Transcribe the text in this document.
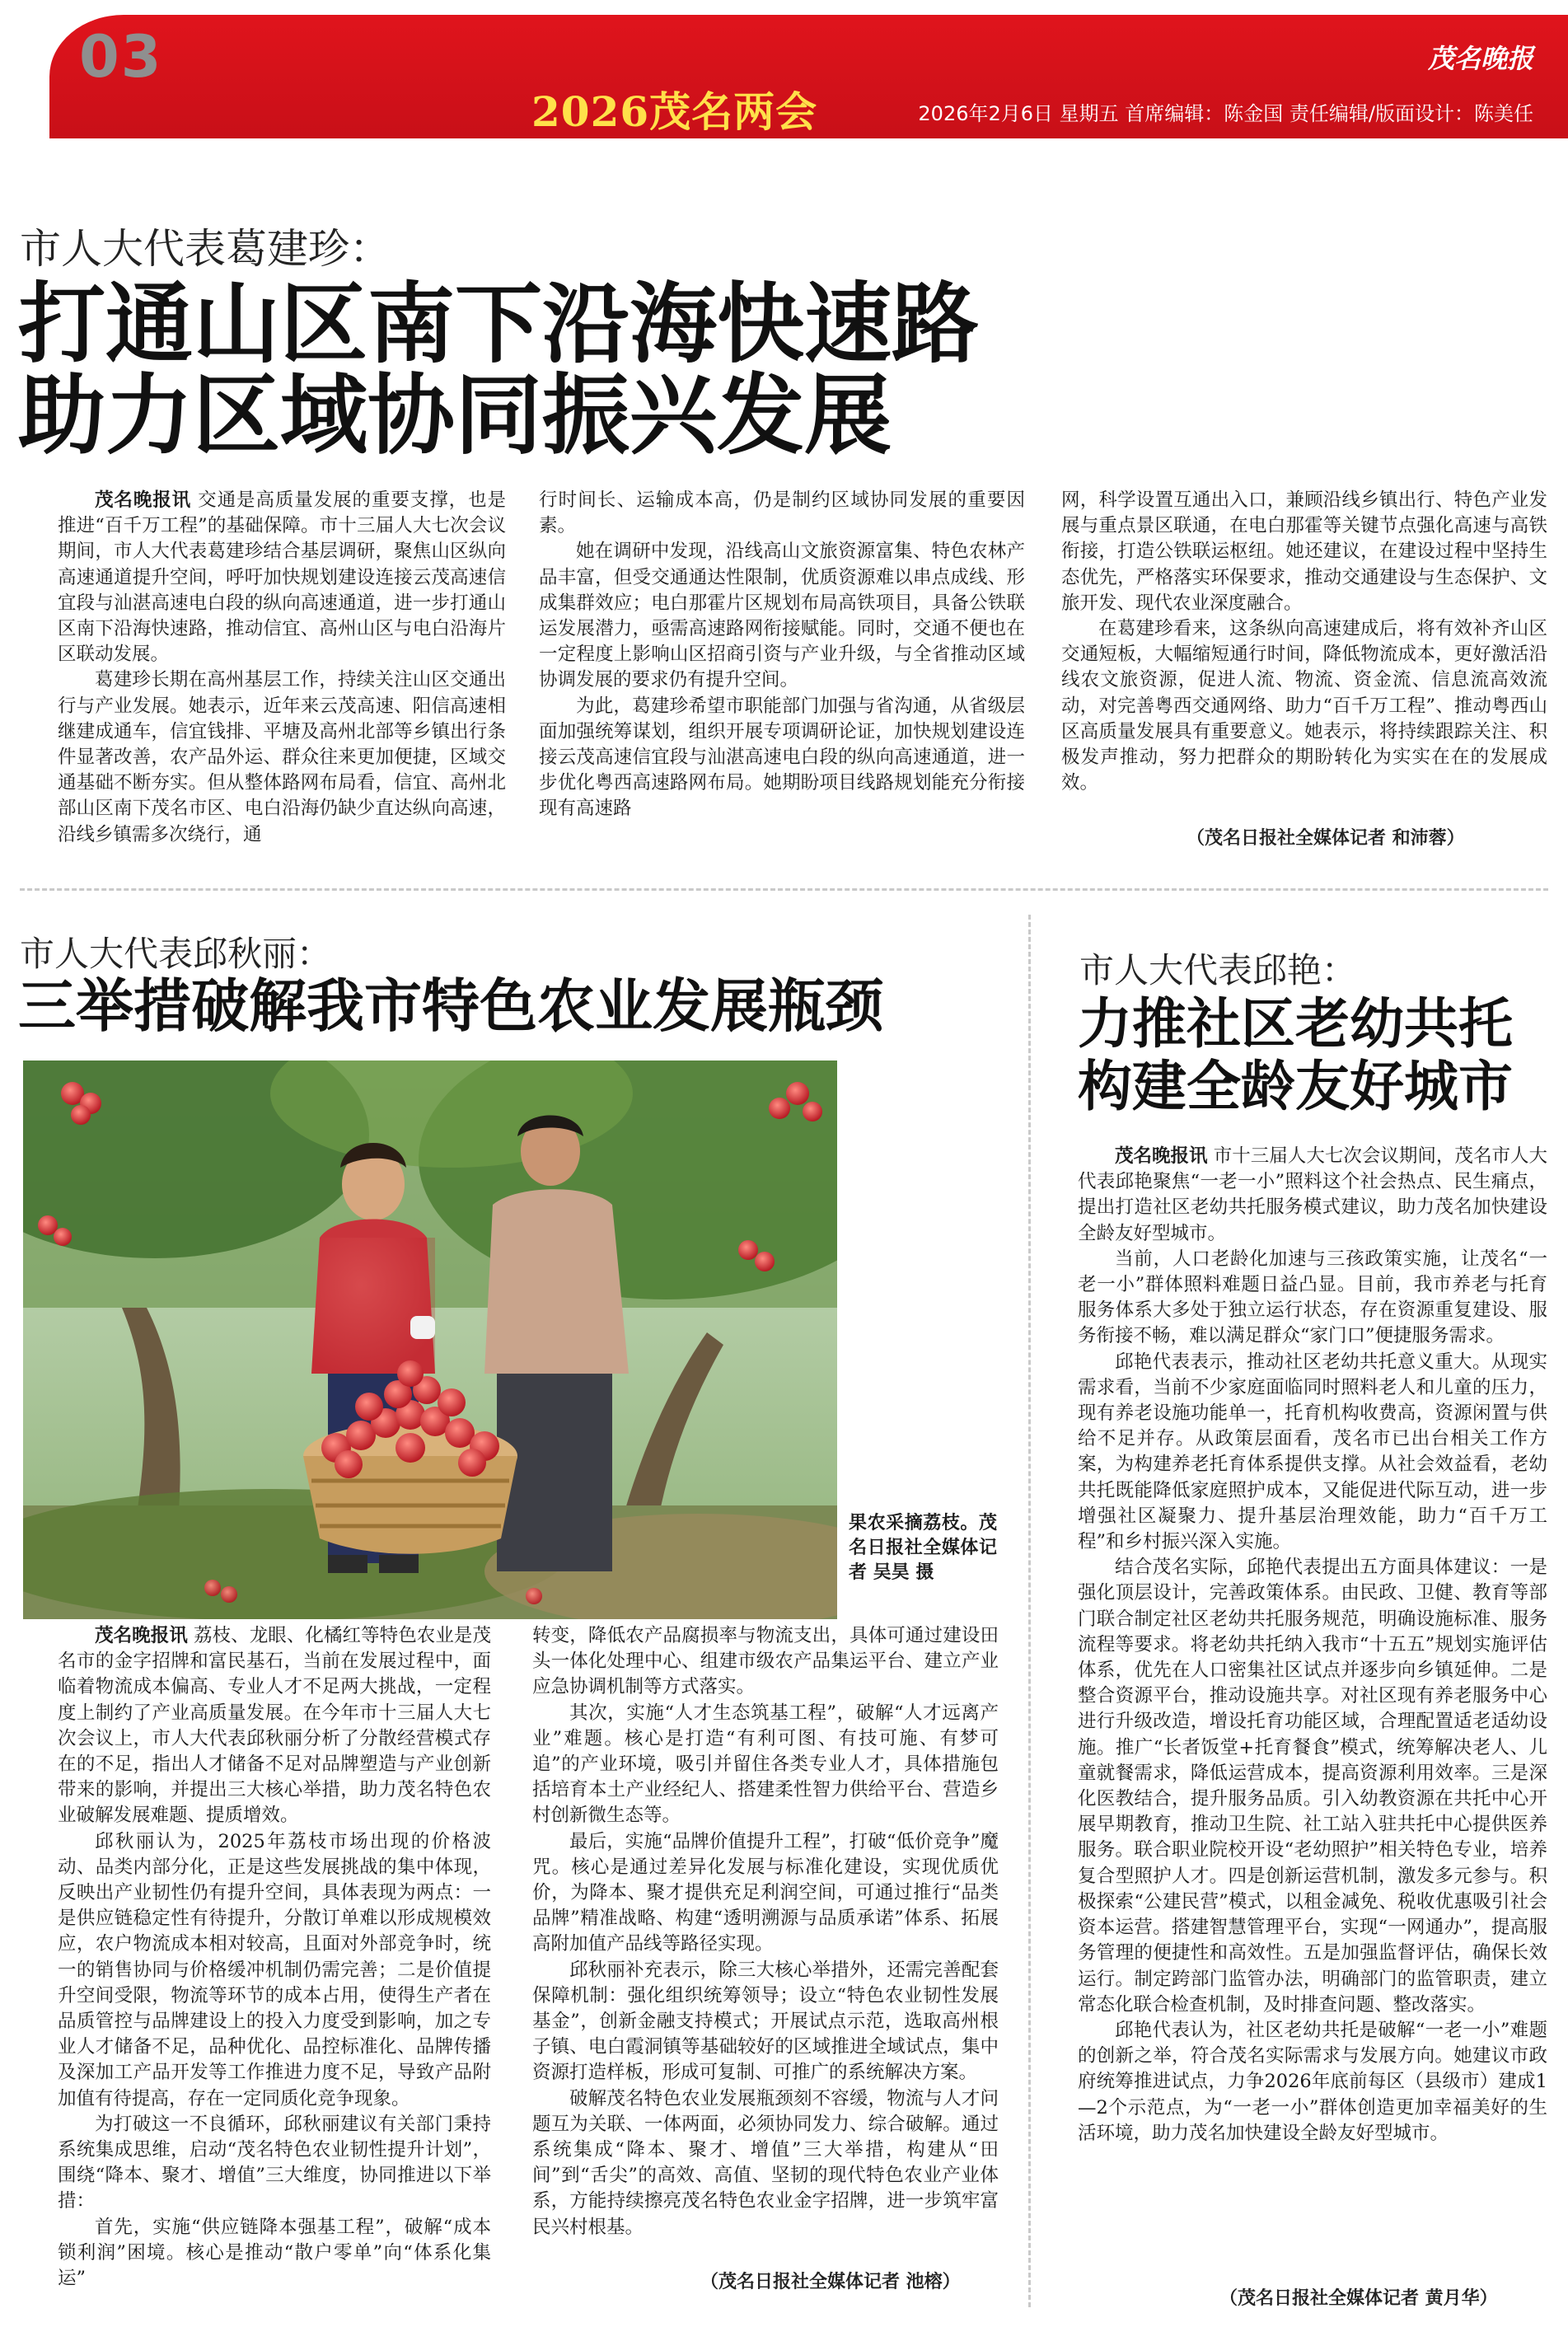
03	茂名晚报
2026茂名两会	2026年2月6日 星期五 首席编辑：陈金国 责任编辑/版面设计：陈美任
市人大代表葛建珍：
打通山区南下沿海快速路
助力区域协同振兴发展

茂名晚报讯 交通是高质量发展的重要支撑，也是推进“百千万工程”的基础保障。市十三届人大七次会议期间，市人大代表葛建珍结合基层调研，聚焦山区纵向高速通道提升空间，呼吁加快规划建设连接云茂高速信宜段与汕湛高速电白段的纵向高速通道，进一步打通山区南下沿海快速路，推动信宜、高州山区与电白沿海片区联动发展。

葛建珍长期在高州基层工作，持续关注山区交通出行与产业发展。她表示，近年来云茂高速、阳信高速相继建成通车，信宜钱排、平塘及高州北部等乡镇出行条件显著改善，农产品外运、群众往来更加便捷，区域交通基础不断夯实。但从整体路网布局看，信宜、高州北部山区南下茂名市区、电白沿海仍缺少直达纵向高速，沿线乡镇需多次绕行，通

行时间长、运输成本高，仍是制约区域协同发展的重要因素。

她在调研中发现，沿线高山文旅资源富集、特色农林产品丰富，但受交通通达性限制，优质资源难以串点成线、形成集群效应；电白那霍片区规划布局高铁项目，具备公铁联运发展潜力，亟需高速路网衔接赋能。同时，交通不便也在一定程度上影响山区招商引资与产业升级，与全省推动区域协调发展的要求仍有提升空间。

为此，葛建珍希望市职能部门加强与省沟通，从省级层面加强统筹谋划，组织开展专项调研论证，加快规划建设连接云茂高速信宜段与汕湛高速电白段的纵向高速通道，进一步优化粤西高速路网布局。她期盼项目线路规划能充分衔接现有高速路

网，科学设置互通出入口，兼顾沿线乡镇出行、特色产业发展与重点景区联通，在电白那霍等关键节点强化高速与高铁衔接，打造公铁联运枢纽。她还建议，在建设过程中坚持生态优先，严格落实环保要求，推动交通建设与生态保护、文旅开发、现代农业深度融合。

在葛建珍看来，这条纵向高速建成后，将有效补齐山区交通短板，大幅缩短通行时间，降低物流成本，更好激活沿线农文旅资源，促进人流、物流、资金流、信息流高效流动，对完善粤西交通网络、助力“百千万工程”、推动粤西山区高质量发展具有重要意义。她表示，将持续跟踪关注、积极发声推动，努力把群众的期盼转化为实实在在的发展成效。

（茂名日报社全媒体记者 和沛蓉）
市人大代表邱秋丽：
三举措破解我市特色农业发展瓶颈
果农采摘荔枝。茂名日报社全媒体记者 吴昊 摄

茂名晚报讯 荔枝、龙眼、化橘红等特色农业是茂名市的金字招牌和富民基石，当前在发展过程中，面临着物流成本偏高、专业人才不足两大挑战，一定程度上制约了产业高质量发展。在今年市十三届人大七次会议上，市人大代表邱秋丽分析了分散经营模式存在的不足，指出人才储备不足对品牌塑造与产业创新带来的影响，并提出三大核心举措，助力茂名特色农业破解发展难题、提质增效。

邱秋丽认为，2025年荔枝市场出现的价格波动、品类内部分化，正是这些发展挑战的集中体现，反映出产业韧性仍有提升空间，具体表现为两点：一是供应链稳定性有待提升，分散订单难以形成规模效应，农户物流成本相对较高，且面对外部竞争时，统一的销售协同与价格缓冲机制仍需完善；二是价值提升空间受限，物流等环节的成本占用，使得生产者在品质管控与品牌建设上的投入力度受到影响，加之专业人才储备不足，品种优化、品控标准化、品牌传播及深加工产品开发等工作推进力度不足，导致产品附加值有待提高，存在一定同质化竞争现象。

为打破这一不良循环，邱秋丽建议有关部门秉持系统集成思维，启动“茂名特色农业韧性提升计划”，围绕“降本、聚才、增值”三大维度，协同推进以下举措：

首先，实施“供应链降本强基工程”，破解“成本锁利润”困境。核心是推动“散户零单”向“体系化集运”

转变，降低农产品腐损率与物流支出，具体可通过建设田头一体化处理中心、组建市级农产品集运平台、建立产业应急协调机制等方式落实。

其次，实施“人才生态筑基工程”，破解“人才远离产业”难题。核心是打造“有利可图、有技可施、有梦可追”的产业环境，吸引并留住各类专业人才，具体措施包括培育本土产业经纪人、搭建柔性智力供给平台、营造乡村创新微生态等。

最后，实施“品牌价值提升工程”，打破“低价竞争”魔咒。核心是通过差异化发展与标准化建设，实现优质优价，为降本、聚才提供充足利润空间，可通过推行“品类品牌”精准战略、构建“透明溯源与品质承诺”体系、拓展高附加值产品线等路径实现。

邱秋丽补充表示，除三大核心举措外，还需完善配套保障机制：强化组织统筹领导；设立“特色农业韧性发展基金”，创新金融支持模式；开展试点示范，选取高州根子镇、电白霞洞镇等基础较好的区域推进全域试点，集中资源打造样板，形成可复制、可推广的系统解决方案。

破解茂名特色农业发展瓶颈刻不容缓，物流与人才问题互为关联、一体两面，必须协同发力、综合破解。通过系统集成“降本、聚才、增值”三大举措，构建从“田间”到“舌尖”的高效、高值、坚韧的现代特色农业产业体系，方能持续擦亮茂名特色农业金字招牌，进一步筑牢富民兴村根基。

（茂名日报社全媒体记者 池榕）
市人大代表邱艳：
力推社区老幼共托
构建全龄友好城市

茂名晚报讯 市十三届人大七次会议期间，茂名市人大代表邱艳聚焦“一老一小”照料这个社会热点、民生痛点，提出打造社区老幼共托服务模式建议，助力茂名加快建设全龄友好型城市。

当前，人口老龄化加速与三孩政策实施，让茂名“一老一小”群体照料难题日益凸显。目前，我市养老与托育服务体系大多处于独立运行状态，存在资源重复建设、服务衔接不畅，难以满足群众“家门口”便捷服务需求。

邱艳代表表示，推动社区老幼共托意义重大。从现实需求看，当前不少家庭面临同时照料老人和儿童的压力，现有养老设施功能单一，托育机构收费高，资源闲置与供给不足并存。从政策层面看，茂名市已出台相关工作方案，为构建养老托育体系提供支撑。从社会效益看，老幼共托既能降低家庭照护成本，又能促进代际互动，进一步增强社区凝聚力、提升基层治理效能，助力“百千万工程”和乡村振兴深入实施。

结合茂名实际，邱艳代表提出五方面具体建议：一是强化顶层设计，完善政策体系。由民政、卫健、教育等部门联合制定社区老幼共托服务规范，明确设施标准、服务流程等要求。将老幼共托纳入我市“十五五”规划实施评估体系，优先在人口密集社区试点并逐步向乡镇延伸。二是整合资源平台，推动设施共享。对社区现有养老服务中心进行升级改造，增设托育功能区域，合理配置适老适幼设施。推广“长者饭堂+托育餐食”模式，统筹解决老人、儿童就餐需求，降低运营成本，提高资源利用效率。三是深化医教结合，提升服务品质。引入幼教资源在共托中心开展早期教育，推动卫生院、社工站入驻共托中心提供医养服务。联合职业院校开设“老幼照护”相关特色专业，培养复合型照护人才。四是创新运营机制，激发多元参与。积极探索“公建民营”模式，以租金减免、税收优惠吸引社会资本运营。搭建智慧管理平台，实现“一网通办”，提高服务管理的便捷性和高效性。五是加强监督评估，确保长效运行。制定跨部门监管办法，明确部门的监管职责，建立常态化联合检查机制，及时排查问题、整改落实。

邱艳代表认为，社区老幼共托是破解“一老一小”难题的创新之举，符合茂名实际需求与发展方向。她建议市政府统筹推进试点，力争2026年底前每区（县级市）建成1—2个示范点，为“一老一小”群体创造更加幸福美好的生活环境，助力茂名加快建设全龄友好型城市。

（茂名日报社全媒体记者 黄月华）
